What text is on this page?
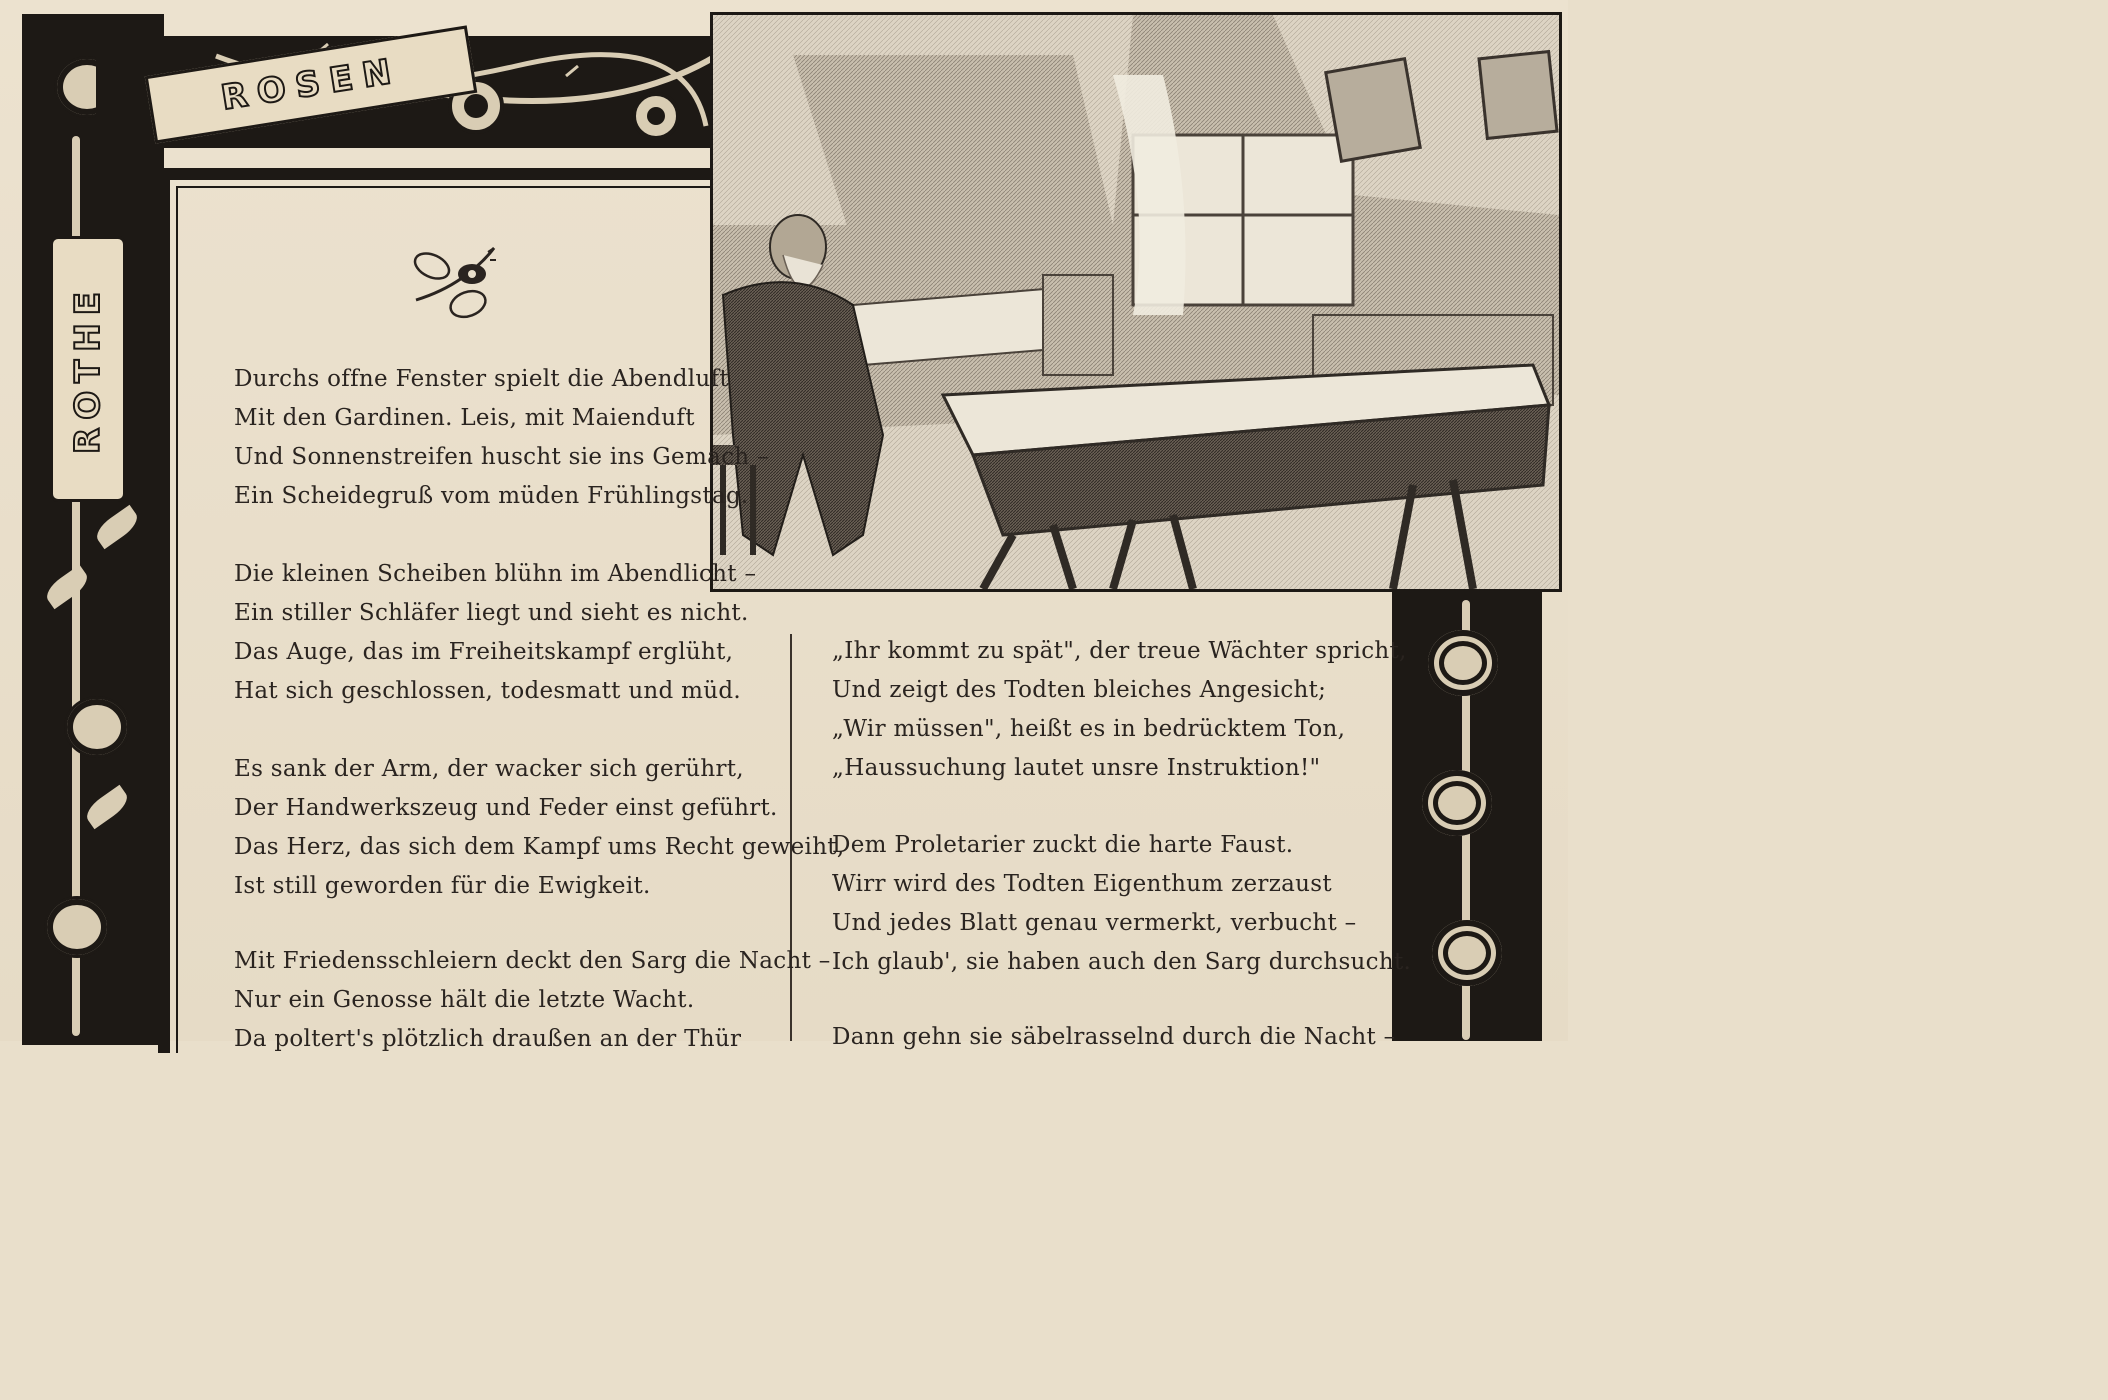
ROTHE
ROSEN
Durchs offne Fenster spielt die Abendluft
Mit den Gardinen. Leis, mit Maienduft
Und Sonnenstreifen huscht sie ins Gemach –
Ein Scheidegruß vom müden Frühlingstag.
Die kleinen Scheiben blühn im Abendlicht –
Ein stiller Schläfer liegt und sieht es nicht.
Das Auge, das im Freiheitskampf erglüht,
Hat sich geschlossen, todesmatt und müd.
Es sank der Arm, der wacker sich gerührt,
Der Handwerkszeug und Feder einst geführt.
Das Herz, das sich dem Kampf ums Recht geweiht,
Ist still geworden für die Ewigkeit.
Mit Friedensschleiern deckt den Sarg die Nacht –
Nur ein Genosse hält die letzte Wacht.
Da poltert's plötzlich draußen an der Thür
„Ihr kommt zu spät", der treue Wächter spricht,
Und zeigt des Todten bleiches Angesicht;
„Wir müssen", heißt es in bedrücktem Ton,
„Haussuchung lautet unsre Instruktion!"
Dem Proletarier zuckt die harte Faust.
Wirr wird des Todten Eigenthum zerzaust
Und jedes Blatt genau vermerkt, verbucht –
Ich glaub', sie haben auch den Sarg durchsucht.
Dann gehn sie säbelrasselnd durch die Nacht –
